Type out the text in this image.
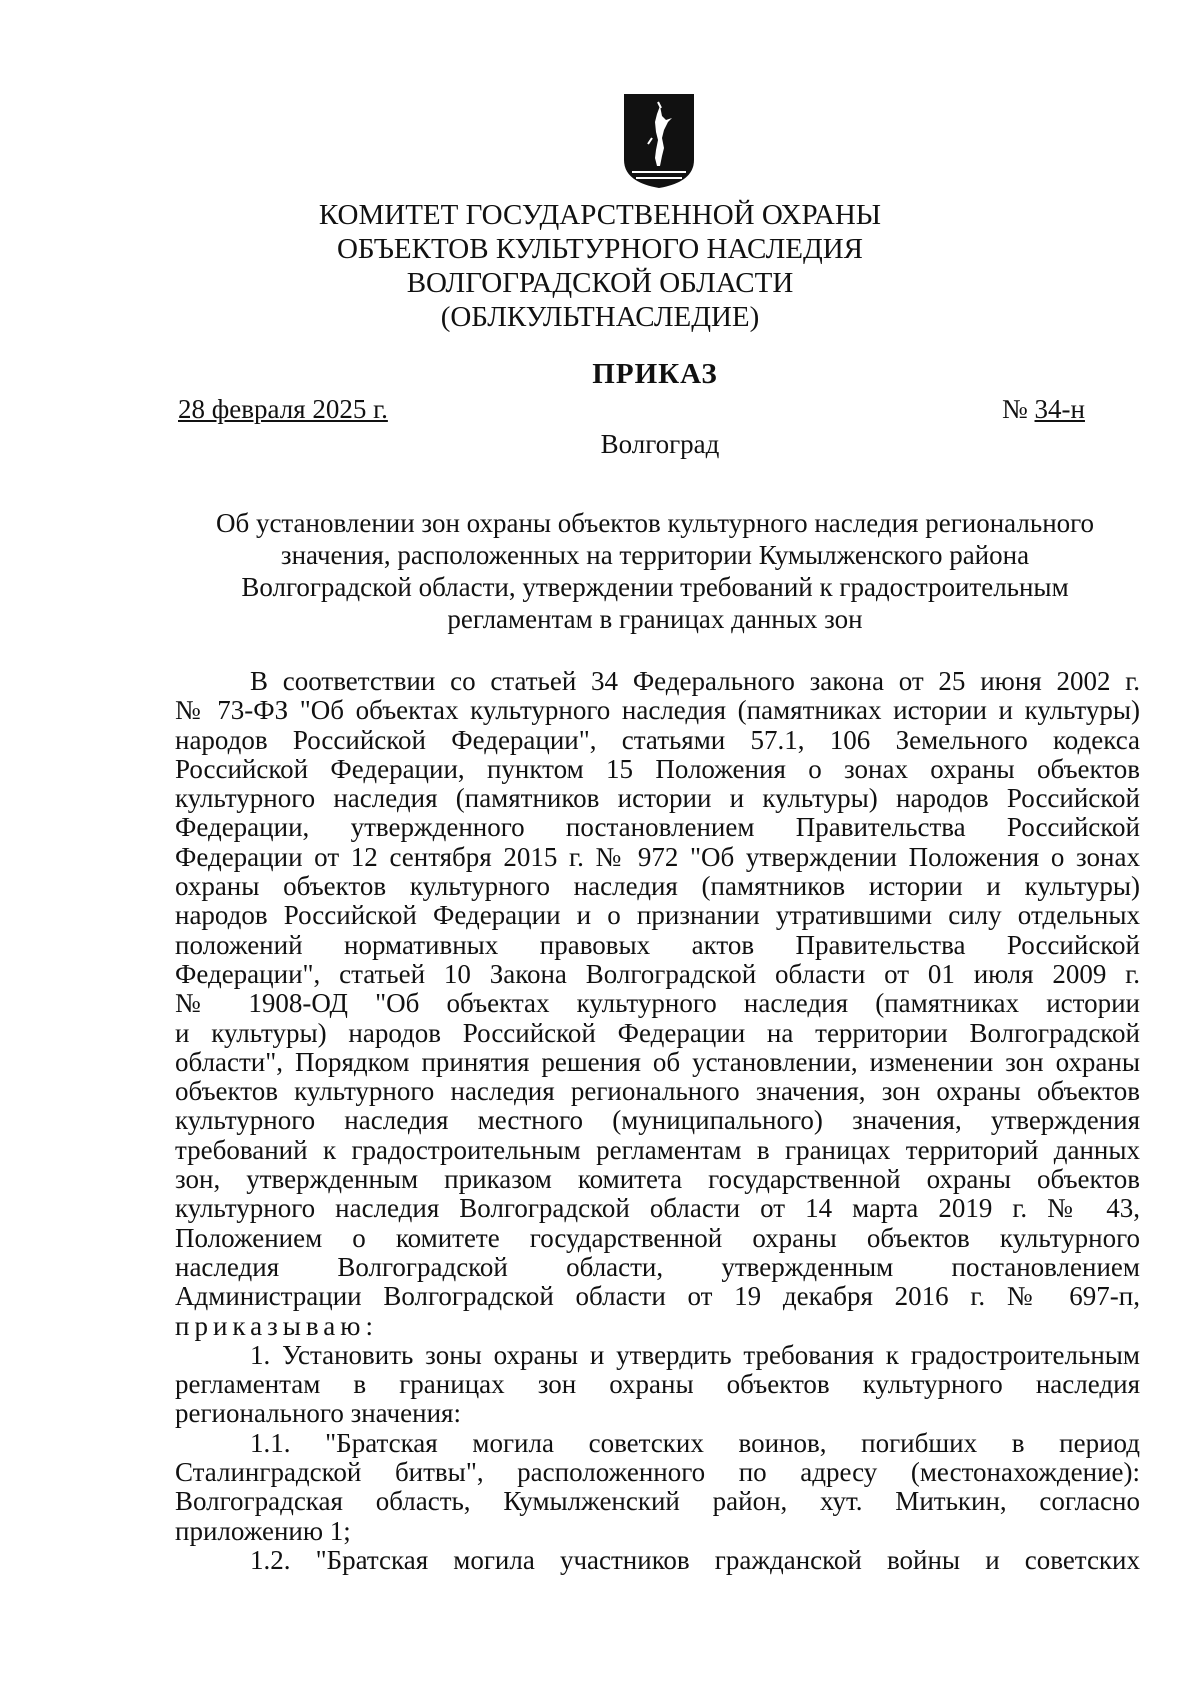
КОМИТЕТ ГОСУДАРСТВЕННОЙ ОХРАНЫ
ОБЪЕКТОВ КУЛЬТУРНОГО НАСЛЕДИЯ
ВОЛГОГРАДСКОЙ ОБЛАСТИ
(ОБЛКУЛЬТНАСЛЕДИЕ)
ПРИКАЗ
28 февраля 2025 г.	№ 34-н
Волгоград
Об установлении зон охраны объектов культурного наследия регионального
значения, расположенных на территории Кумылженского района
Волгоградской области, утверждении требований к градостроительным
регламентам в границах данных зон
В соответствии со статьей 34 Федерального закона от 25 июня 2002 г.
№ 73-ФЗ "Об объектах культурного наследия (памятниках истории и культуры)
народов Российской Федерации", статьями 57.1, 106 Земельного кодекса
Российской Федерации, пунктом 15 Положения о зонах охраны объектов
культурного наследия (памятников истории и культуры) народов Российской
Федерации, утвержденного постановлением Правительства Российской
Федерации от 12 сентября 2015 г. № 972 "Об утверждении Положения о зонах
охраны объектов культурного наследия (памятников истории и культуры)
народов Российской Федерации и о признании утратившими силу отдельных
положений нормативных правовых актов Правительства Российской
Федерации", статьей 10 Закона Волгоградской области от 01 июля 2009 г.
№ 1908-ОД "Об объектах культурного наследия (памятниках истории
и культуры) народов Российской Федерации на территории Волгоградской
области", Порядком принятия решения об установлении, изменении зон охраны
объектов культурного наследия регионального значения, зон охраны объектов
культурного наследия местного (муниципального) значения, утверждения
требований к градостроительным регламентам в границах территорий данных
зон, утвержденным приказом комитета государственной охраны объектов
культурного наследия Волгоградской области от 14 марта 2019 г. № 43,
Положением о комитете государственной охраны объектов культурного
наследия Волгоградской области, утвержденным постановлением
Администрации Волгоградской области от 19 декабря 2016 г. № 697-п,
приказываю:
1. Установить зоны охраны и утвердить требования к градостроительным
регламентам в границах зон охраны объектов культурного наследия
регионального значения:
1.1. "Братская могила советских воинов, погибших в период
Сталинградской битвы", расположенного по адресу (местонахождение):
Волгоградская область, Кумылженский район, хут. Митькин, согласно
приложению 1;
1.2. "Братская могила участников гражданской войны и советских
